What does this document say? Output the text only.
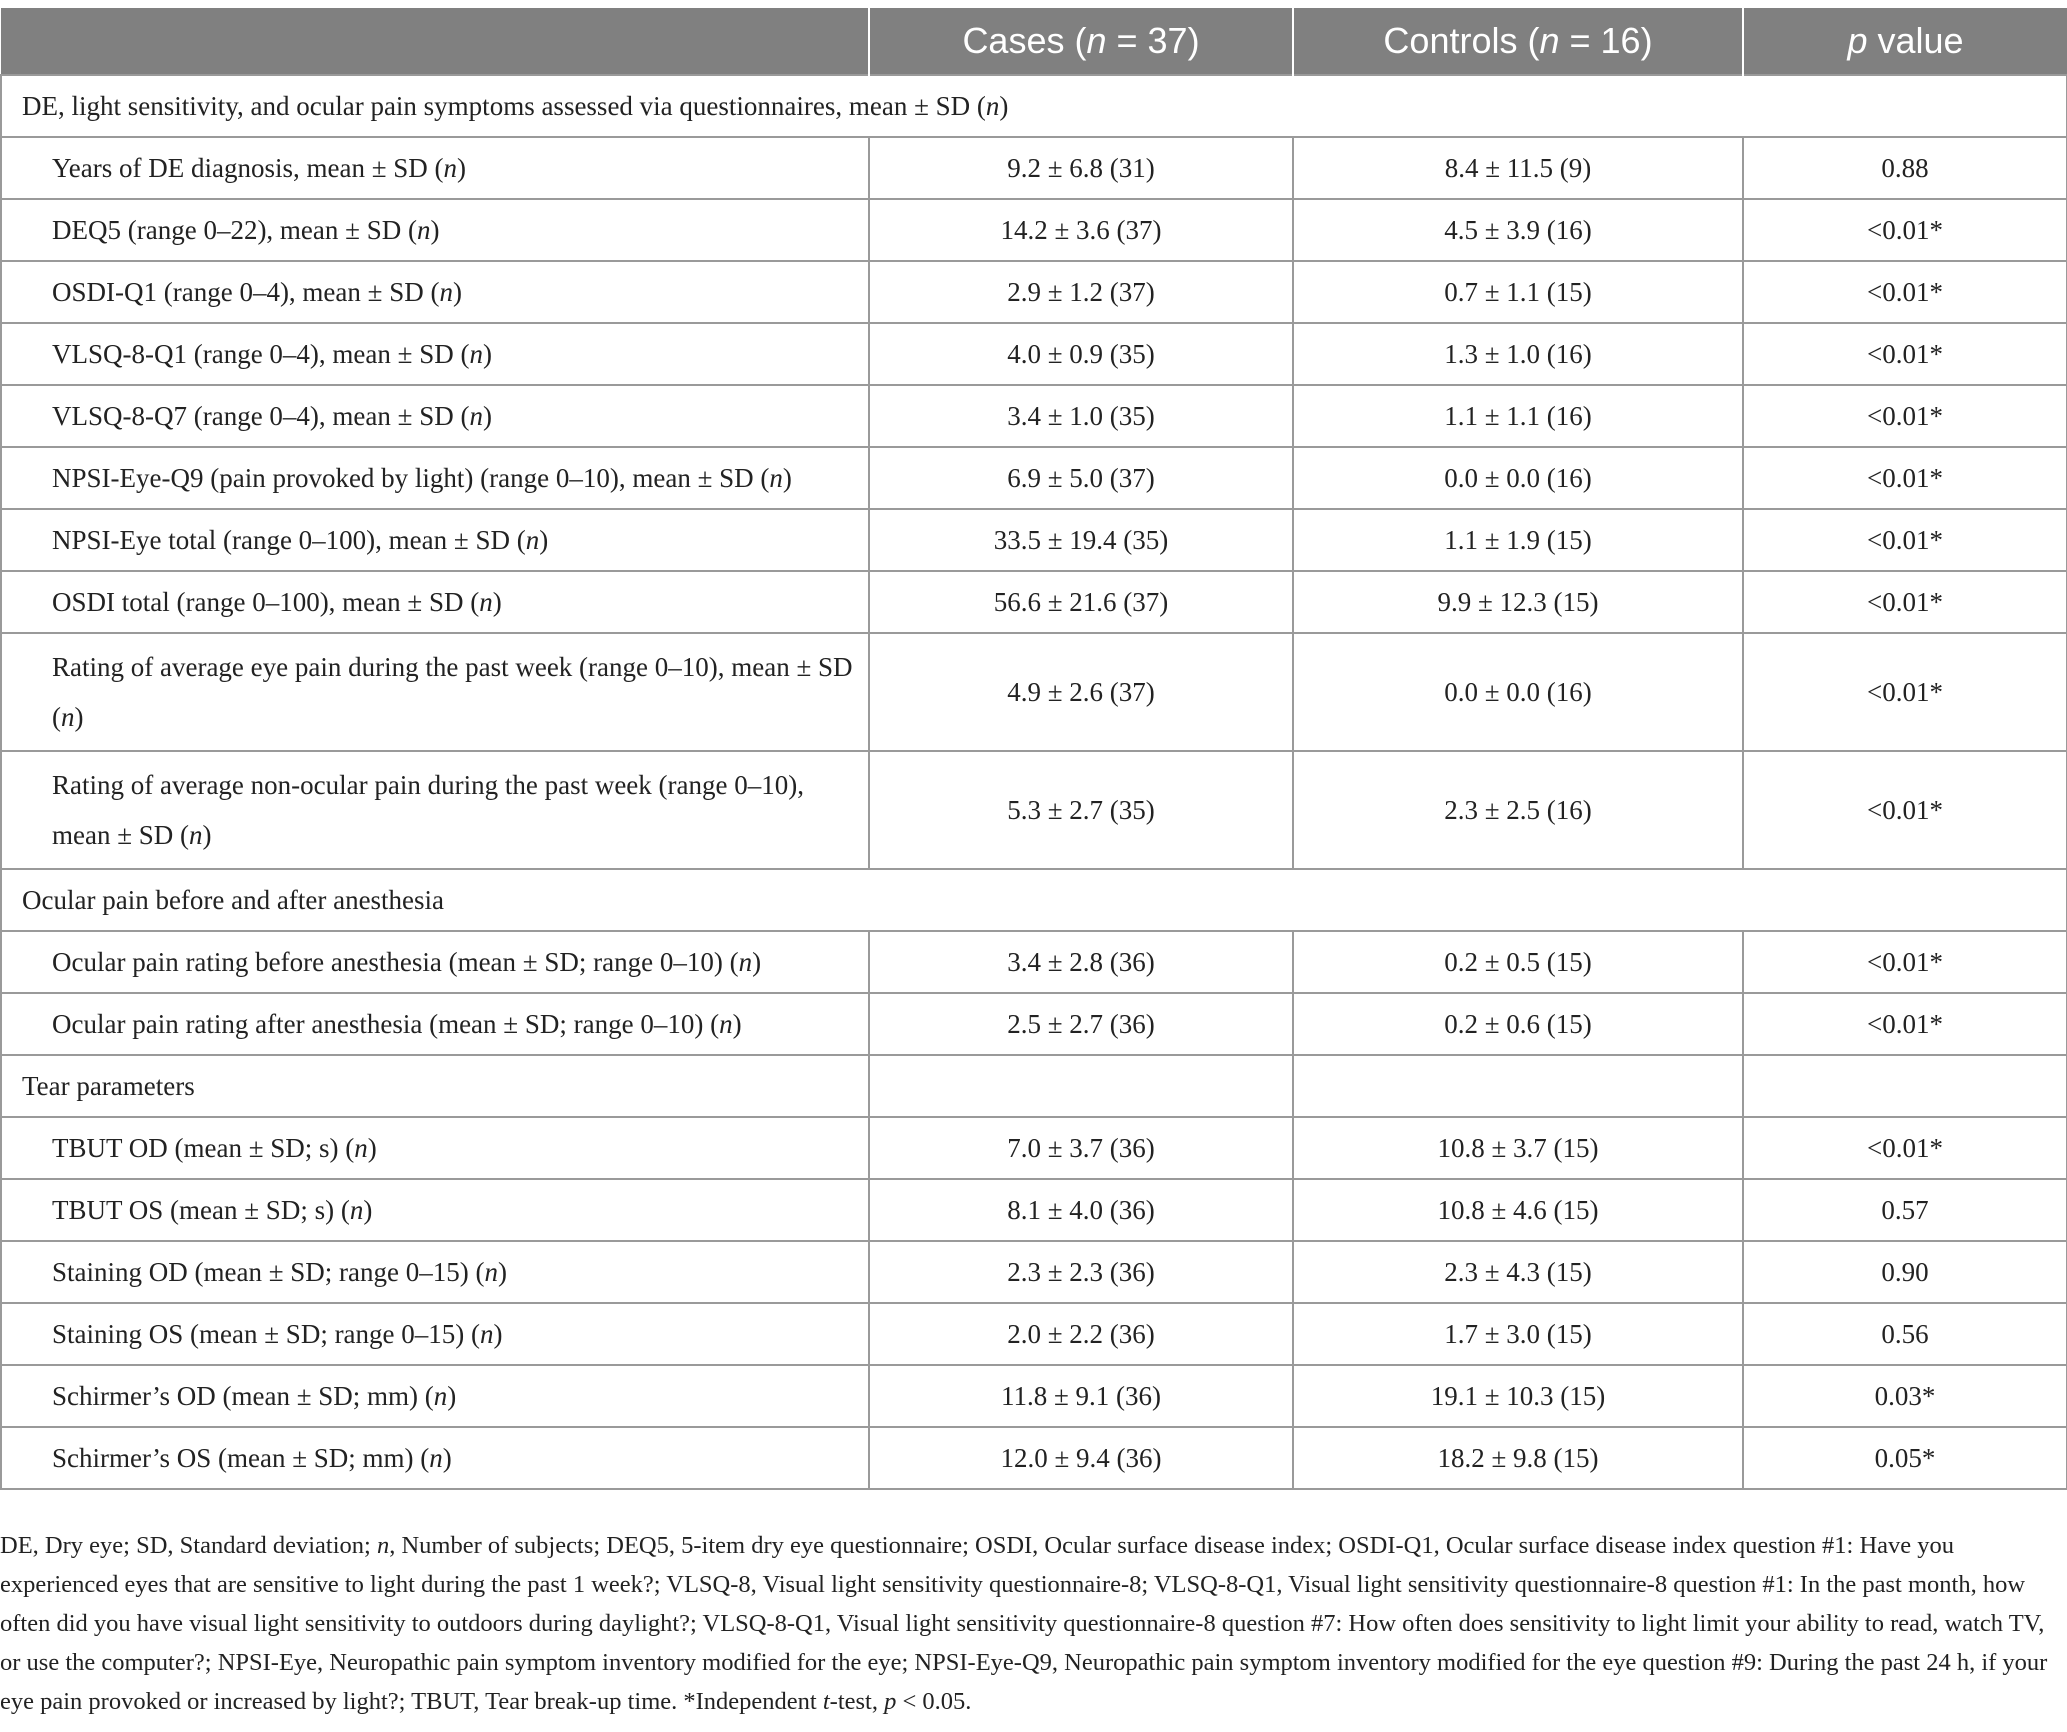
	Cases (n = 37)	Controls (n = 16)	p value
DE, light sensitivity, and ocular pain symptoms assessed via questionnaires, mean ± SD (n)			
Years of DE diagnosis, mean ± SD (n)	9.2 ± 6.8 (31)	8.4 ± 11.5 (9)	0.88
DEQ5 (range 0–22), mean ± SD (n)	14.2 ± 3.6 (37)	4.5 ± 3.9 (16)	<0.01*
OSDI-Q1 (range 0–4), mean ± SD (n)	2.9 ± 1.2 (37)	0.7 ± 1.1 (15)	<0.01*
VLSQ-8-Q1 (range 0–4), mean ± SD (n)	4.0 ± 0.9 (35)	1.3 ± 1.0 (16)	<0.01*
VLSQ-8-Q7 (range 0–4), mean ± SD (n)	3.4 ± 1.0 (35)	1.1 ± 1.1 (16)	<0.01*
NPSI-Eye-Q9 (pain provoked by light) (range 0–10), mean ± SD (n)	6.9 ± 5.0 (37)	0.0 ± 0.0 (16)	<0.01*
NPSI-Eye total (range 0–100), mean ± SD (n)	33.5 ± 19.4 (35)	1.1 ± 1.9 (15)	<0.01*
OSDI total (range 0–100), mean ± SD (n)	56.6 ± 21.6 (37)	9.9 ± 12.3 (15)	<0.01*
Rating of average eye pain during the past week (range 0–10), mean ± SD (n)	4.9 ± 2.6 (37)	0.0 ± 0.0 (16)	<0.01*
Rating of average non-ocular pain during the past week (range 0–10), mean ± SD (n)	5.3 ± 2.7 (35)	2.3 ± 2.5 (16)	<0.01*
Ocular pain before and after anesthesia			
Ocular pain rating before anesthesia (mean ± SD; range 0–10) (n)	3.4 ± 2.8 (36)	0.2 ± 0.5 (15)	<0.01*
Ocular pain rating after anesthesia (mean ± SD; range 0–10) (n)	2.5 ± 2.7 (36)	0.2 ± 0.6 (15)	<0.01*
Tear parameters			
TBUT OD (mean ± SD; s) (n)	7.0 ± 3.7 (36)	10.8 ± 3.7 (15)	<0.01*
TBUT OS (mean ± SD; s) (n)	8.1 ± 4.0 (36)	10.8 ± 4.6 (15)	0.57
Staining OD (mean ± SD; range 0–15) (n)	2.3 ± 2.3 (36)	2.3 ± 4.3 (15)	0.90
Staining OS (mean ± SD; range 0–15) (n)	2.0 ± 2.2 (36)	1.7 ± 3.0 (15)	0.56
Schirmer’s OD (mean ± SD; mm) (n)	11.8 ± 9.1 (36)	19.1 ± 10.3 (15)	0.03*
Schirmer’s OS (mean ± SD; mm) (n)	12.0 ± 9.4 (36)	18.2 ± 9.8 (15)	0.05*

DE, Dry eye; SD, Standard deviation; n, Number of subjects; DEQ5, 5-item dry eye questionnaire; OSDI, Ocular surface disease index; OSDI-Q1, Ocular surface disease index question #1: Have you experienced eyes that are sensitive to light during the past 1 week?; VLSQ-8, Visual light sensitivity questionnaire-8; VLSQ-8-Q1, Visual light sensitivity questionnaire-8 question #1: In the past month, how often did you have visual light sensitivity to outdoors during daylight?; VLSQ-8-Q1, Visual light sensitivity questionnaire-8 question #7: How often does sensitivity to light limit your ability to read, watch TV, or use the computer?; NPSI-Eye, Neuropathic pain symptom inventory modified for the eye; NPSI-Eye-Q9, Neuropathic pain symptom inventory modified for the eye question #9: During the past 24 h, if your eye pain provoked or increased by light?; TBUT, Tear break-up time. *Independent t-test, p < 0.05.
